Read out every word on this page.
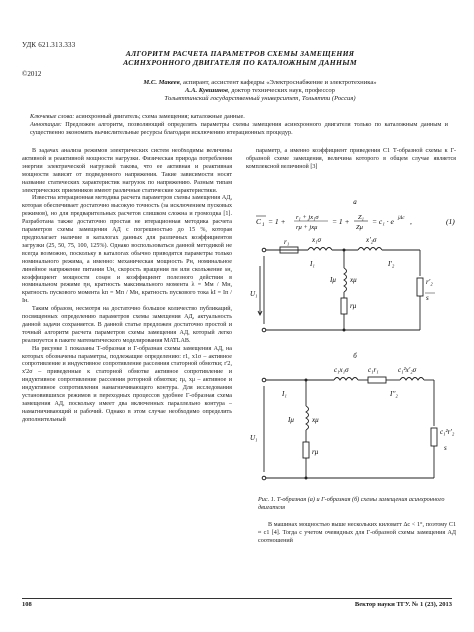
УДК 621.313.333
АЛГОРИТМ РАСЧЕТА ПАРАМЕТРОВ СХЕМЫ ЗАМЕЩЕНИЯ
АСИНХРОННОГО ДВИГАТЕЛЯ ПО КАТАЛОЖНЫМ ДАННЫМ
©2012
М.С. Макеев, аспирант, ассистент кафедры «Электроснабжение и электротехника»
А.А. Кувшинов, доктор технических наук, профессор
Тольяттинский государственный университет, Тольятти (Россия)
Ключевые слова: асинхронный двигатель; схема замещения; каталожные данные.
Аннотация: Предложен алгоритм, позволяющий определять параметры схемы замещения асинхронного двигателя только по каталожным данным и существенно экономить вычислительные ресурсы благодаря исключению итерационных процедур.

В задачах анализа режимов электрических систем необходимы величины активной и реактивной мощности нагрузки. Физическая природа потребления энергии электрической нагрузкой такова, что ее активная и реактивная мощности зависят от подведенного напряжения. Такие зависимости носят название статических характеристик нагрузок по напряжению. Разным типам электрических приемников имеют различные статические характеристики.

Известна итерационная методика расчета параметров схемы замещения АД, которая обеспечивает достаточно высокую точность (за исключением пусковых режимов), но для предварительных расчетов слишком сложна и громоздка [1]. Разработана также достаточно простая не итерационная методика расчета параметров схемы замещения АД с погрешностью до 15 %, которая предполагает наличие в каталогах данных для различных коэффициентов загрузки (25, 50, 75, 100, 125%). Однако воспользоваться данной методикой не всегда возможно, поскольку в каталогах обычно приводятся параметры только номинального режима, а именно: механическая мощность Pн, номинальное линейное напряжение питания Uн, скорость вращения nн или скольжение sн, коэффициент мощности cosφн и коэффициент полезного действия в номинальном режиме ηн, кратность максимального момента λ = Mм / Mн, кратность пускового момента kп = Mп / Mн, кратность пускового тока kI = Iп / Iн.

Таким образом, несмотря на достаточно большое количество публикаций, посвященных определению параметров схемы замещения АД, актуальность данной задачи сохраняется. В данной статье предложен достаточно простой и точный алгоритм расчета параметров схемы замещения АД, который легко реализуется в пакете математического моделирования MATLAB.

На рисунке 1 показаны Т-образная и Г-образная схемы замещения АД, на которых обозначены параметры, подлежащие определению: r1, x1σ – активное сопротивление и индуктивное сопротивление рассеяния статорной обмотки; r'2, x'2σ – приведенные к статорной обмотке активное сопротивление и индуктивное сопротивление рассеяния роторной обмотки; rμ, xμ – активное и индуктивное сопротивления намагничивающего контура. Для исследования установившихся режимов и переходных процессов удобнее Г-образная схема замещения АД, поскольку имеет два включенных параллельно контура – намагничивающий и рабочий. Однако в этом случае необходимо определить дополнительный

параметр, а именно коэффициент приведения C1 Т-образной схемы к Г-образной схеме замещения, величина которого в общем случае является комплексной величиной [3]

а
C 1 = 1 + r₁ + jx₁σ
rμ + jxμ
= 1 + Z₁
Zμ
= c₁ · e jΔc ,	(1)
r₁	x₁σ	x'₂σ
r'₂
s
xμ
rμ
U₁
I₁	I'₂
Iμ
б
c₁x₁σ	c₁r₁	c₁²x'₂σ
c₁²r'₂
s
xμ
rμ
U₁
I₁	I''₂
Iμ
Рис. 1. Т-образная (а) и Г-образная (б) схемы замещения асинхронного двигателя

В машинах мощностью выше нескольких киловатт Δc < 1°, поэтому C1 ≈ c1 [4]. Тогда с учетом очевидных для Г-образной схемы замещения АД соотношений

108	Вектор науки ТГУ. № 1 (23), 2013
